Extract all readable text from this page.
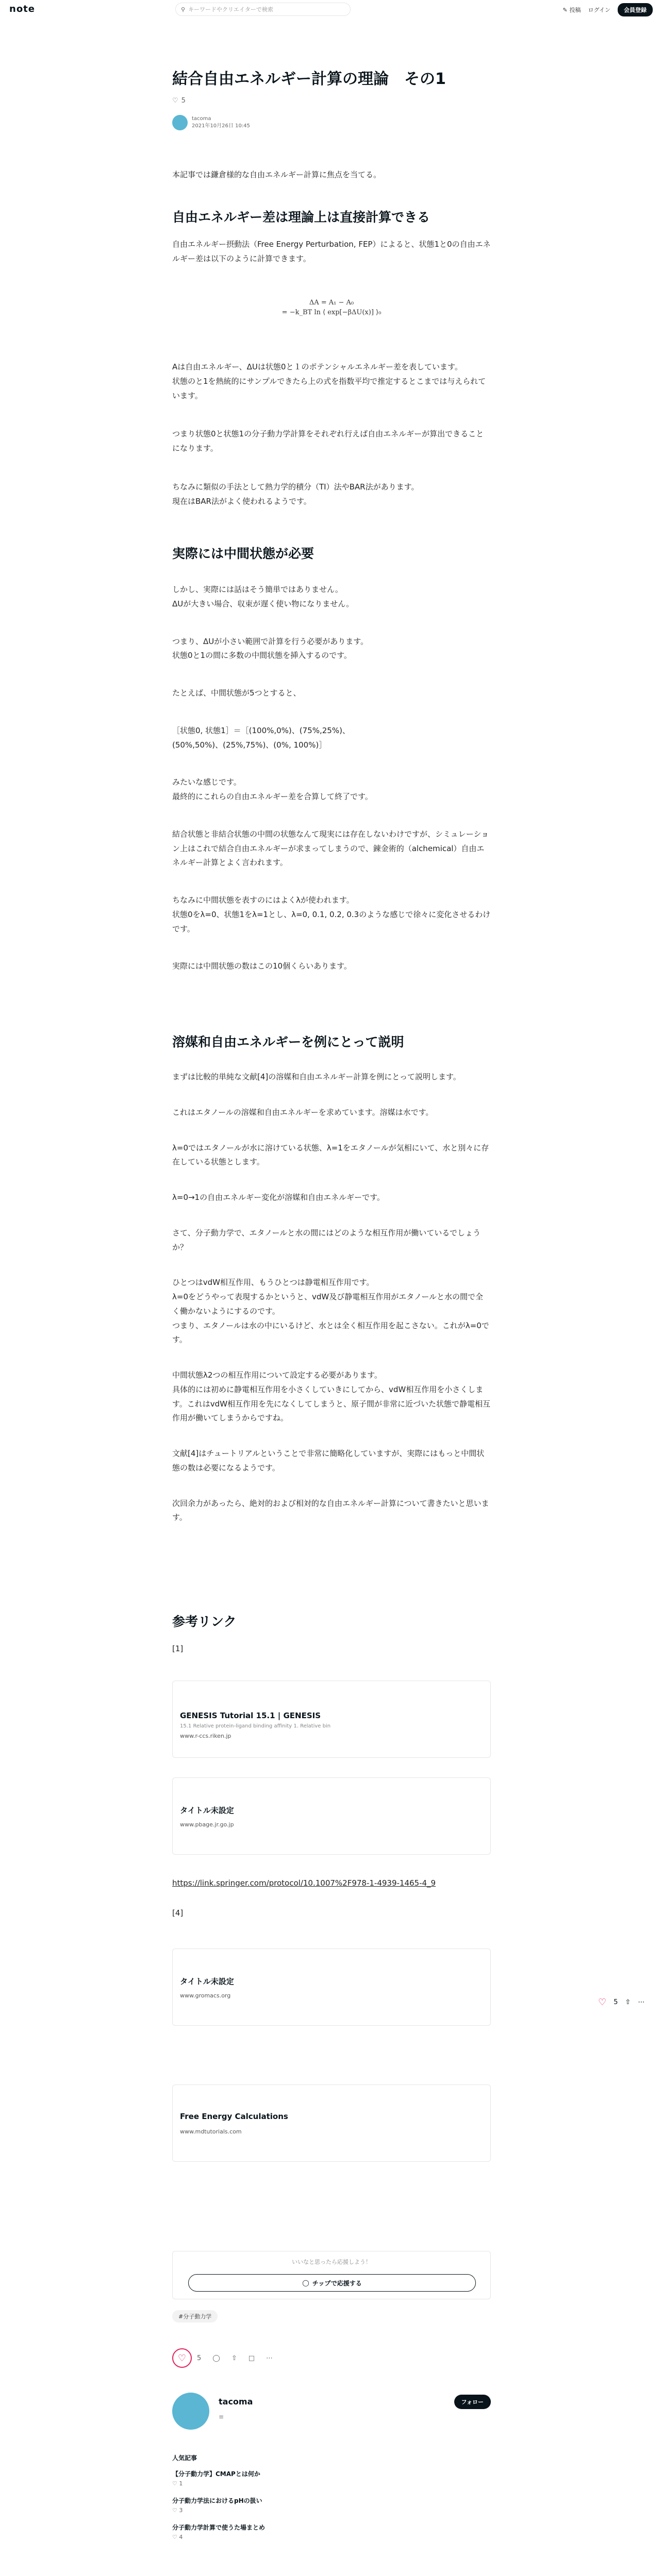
note	⚲ キーワードやクリエイターで検索	✎ 投稿 ログイン	会員登録
結合自由エネルギー計算の理論　その1
♡ 5
tacoma
2021年10月26日 10:45

本記事では鎌倉様的な自由エネルギー計算に焦点を当てる。

自由エネルギー差は理論上は直接計算できる

自由エネルギー摂動法（Free Energy Perturbation, FEP）によると、状態1と0の自由エネルギー差は以下のように計算できます。

ΔA = A₁ − A₀
= −k_BT ln ⟨ exp[−βΔU(x)] ⟩₀

Aは自由エネルギー、ΔUは状態0と１のポテンシャルエネルギー差を表しています。
状態のと1を熱統的にサンプルできたら上の式を指数平均で推定するとこまでは与えられています。

つまり状態0と状態1の分子動力学計算をそれぞれ行えば自由エネルギーが算出できることになります。

ちなみに類似の手法として熱力学的積分（TI）法やBAR法があります。
現在はBAR法がよく使われるようです。

実際には中間状態が必要

しかし、実際には話はそう簡単ではありません。
ΔUが大きい場合、収束が遅く使い物になりません。

つまり、ΔUが小さい範囲で計算を行う必要があります。
状態0と1の間に多数の中間状態を挿入するのです。

たとえば、中間状態が5つとすると、

［状態0, 状態1］＝［(100%,0%)、(75%,25%)、
(50%,50%)、(25%,75%)、(0%, 100%)］

みたいな感じです。
最終的にこれらの自由エネルギー差を合算して終了です。

結合状態と非結合状態の中間の状態なんて現実には存在しないわけですが、シミュレーション上はこれで結合自由エネルギーが求まってしまうので、錬金術的（alchemical）自由エネルギー計算とよく言われます。

ちなみに中間状態を表すのにはよくλが使われます。
状態0をλ=0、状態1をλ=1とし、λ=0, 0.1, 0.2, 0.3のような感じで徐々に変化させるわけです。

実際には中間状態の数はこの10個くらいあります。

溶媒和自由エネルギーを例にとって説明

まずは比較的単純な文献[4]の溶媒和自由エネルギー計算を例にとって説明します。

これはエタノールの溶媒和自由エネルギーを求めています。溶媒は水です。

λ=0ではエタノールが水に溶けている状態、λ=1をエタノールが気相にいて、水と別々に存在している状態とします。

λ=0→1の自由エネルギー変化が溶媒和自由エネルギーです。

さて、分子動力学で、エタノールと水の間にはどのような相互作用が働いているでしょうか？

ひとつはvdW相互作用、もうひとつは静電相互作用です。
λ=0をどうやって表現するかというと、vdW及び静電相互作用がエタノールと水の間で全く働かないようにするのです。
つまり、エタノールは水の中にいるけど、水とは全く相互作用を起こさない。これがλ=0です。

中間状態λ2つの相互作用について設定する必要があります。
具体的には初めに静電相互作用を小さくしていきにしてから、vdW相互作用を小さくします。これはvdW相互作用を先になくしてしまうと、原子間が非常に近づいた状態で静電相互作用が働いてしまうからですね。

文献[4]はチュートリアルということで非常に簡略化していますが、実際にはもっと中間状態の数は必要になるようです。

次回余力があったら、絶対的および相対的な自由エネルギー計算について書きたいと思います。

参考リンク

[1]

GENESIS Tutorial 15.1 | GENESIS
15.1 Relative protein-ligand binding affinity 1. Relative bin
www.r-ccs.riken.jp
タイトル未設定
www.pbage.jr.go.jp

https://link.springer.com/protocol/10.1007%2F978-1-4939-1465-4_9

[4]

タイトル未設定
www.gromacs.org
Free Energy Calculations
www.mdtutorials.com
♡ 5 ⇧ ⋯
いいなと思ったら応援しよう！
◯ チップで応援する
#分子動力学
♡	5 ◯ ⇧ □ ⋯
tacoma
≡
フォロー
人気記事
【分子動力学】CMAPとは何か
♡ 1
分子動力学法におけるpHの扱い
♡ 3
分子動力学計算で使うた場まとめ
♡ 4
